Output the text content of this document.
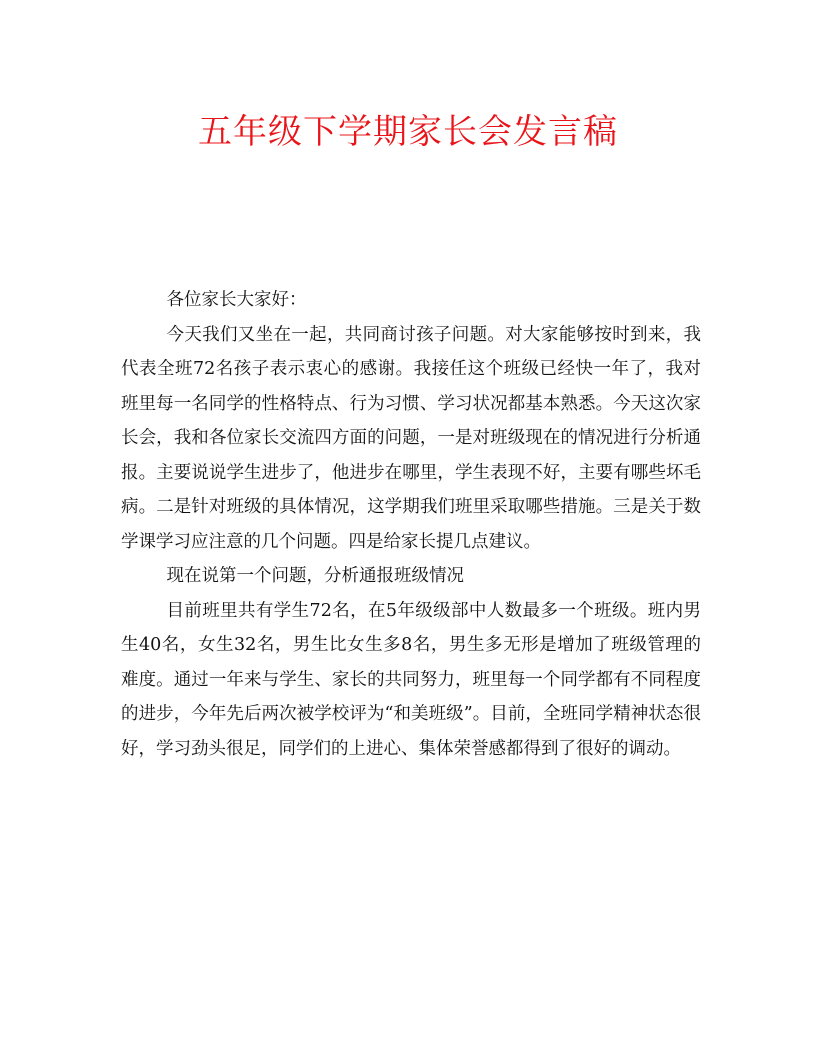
五年级下学期家长会发言稿

各位家长大家好：

今天我们又坐在一起，共同商讨孩子问题。对大家能够按时到来，我代表全班72名孩子表示衷心的感谢。我接任这个班级已经快一年了，我对班里每一名同学的性格特点、行为习惯、学习状况都基本熟悉。今天这次家长会，我和各位家长交流四方面的问题，一是对班级现在的情况进行分析通报。主要说说学生进步了，他进步在哪里，学生表现不好，主要有哪些坏毛病。二是针对班级的具体情况，这学期我们班里采取哪些措施。三是关于数学课学习应注意的几个问题。四是给家长提几点建议。

现在说第一个问题，分析通报班级情况

目前班里共有学生72名，在5年级级部中人数最多一个班级。班内男生40名，女生32名，男生比女生多8名，男生多无形是增加了班级管理的难度。通过一年来与学生、家长的共同努力，班里每一个同学都有不同程度的进步，今年先后两次被学校评为“和美班级”。目前，全班同学精神状态很好，学习劲头很足，同学们的上进心、集体荣誉感都得到了很好的调动。
